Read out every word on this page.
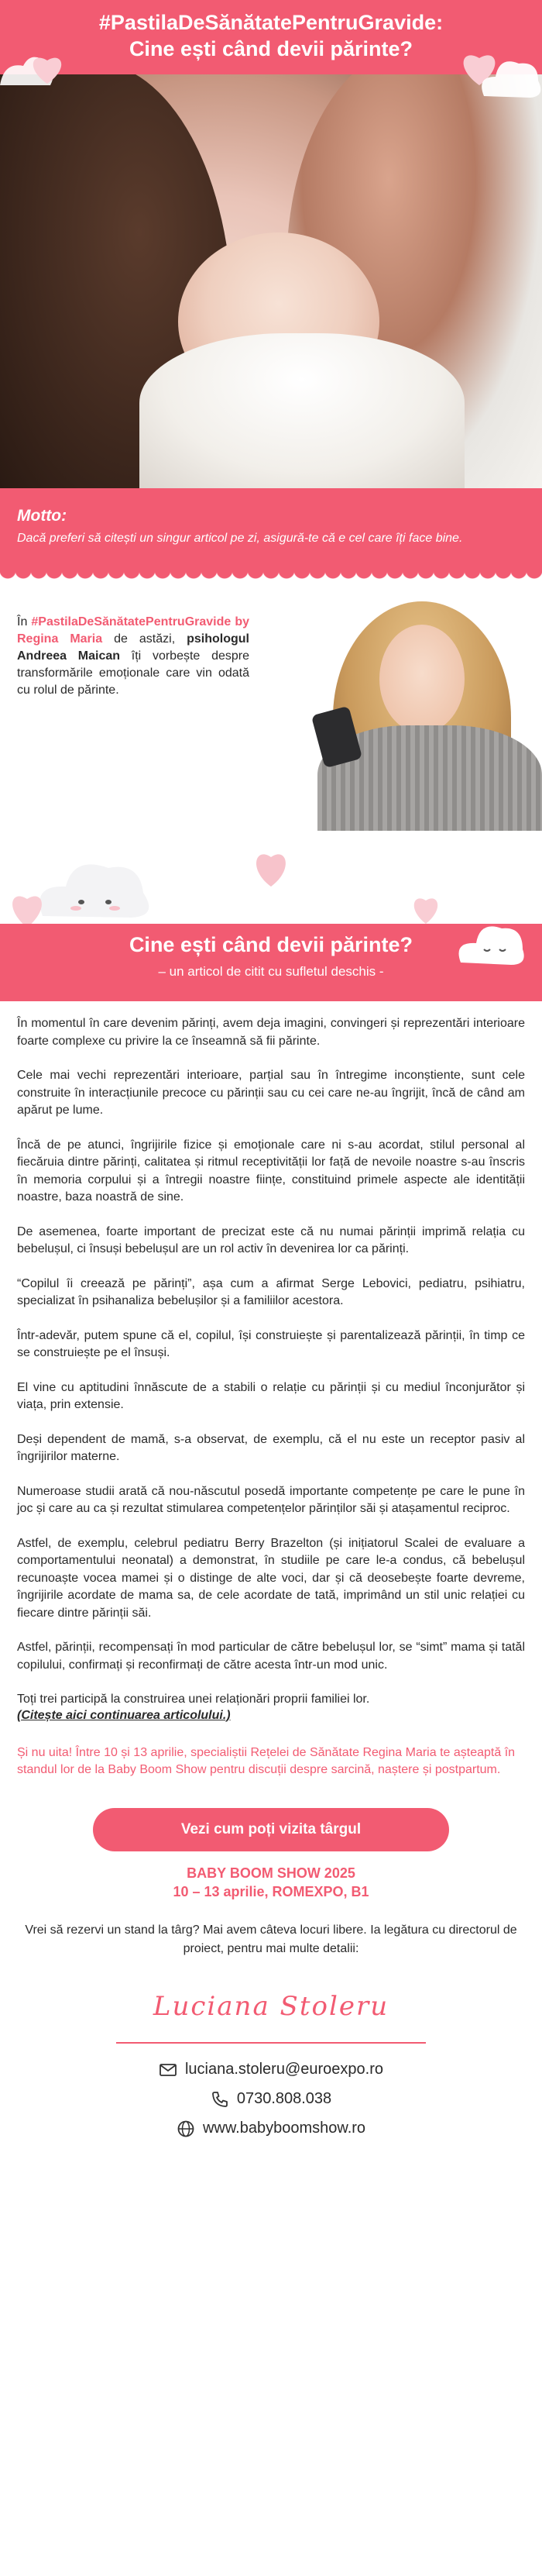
#PastilaDeSănătatePentruGravide:
Cine ești când devii părinte?
Motto:
Dacă preferi să citești un singur articol pe zi, asigură-te că e cel care îți face bine.
În #PastilaDeSănătatePentruGravide by Regina Maria de astăzi, psihologul Andreea Maican îți vorbește despre transformările emoționale care vin odată cu rolul de părinte.
Cine ești când devii părinte?
– un articol de citit cu sufletul deschis -

În momentul în care devenim părinți, avem deja imagini, convingeri și reprezentări interioare foarte complexe cu privire la ce înseamnă să fii părinte.

Cele mai vechi reprezentări interioare, parțial sau în întregime inconștiente, sunt cele construite în interacțiunile precoce cu părinții sau cu cei care ne-au îngrijit, încă de când am apărut pe lume.

Încă de pe atunci, îngrijirile fizice și emoționale care ni s-au acordat, stilul personal al fiecăruia dintre părinți, calitatea și ritmul receptivității lor față de nevoile noastre s-au înscris în memoria corpului și a întregii noastre ființe, constituind primele aspecte ale identității noastre, baza noastră de sine.

De asemenea, foarte important de precizat este că nu numai părinții imprimă relația cu bebelușul, ci însuși bebelușul are un rol activ în devenirea lor ca părinți.

“Copilul îi creează pe părinți”, așa cum a afirmat Serge Lebovici, pediatru, psihiatru, specializat în psihanaliza bebelușilor și a familiilor acestora.

Într-adevăr, putem spune că el, copilul, își construiește și parentalizează părinții, în timp ce se construiește pe el însuși.

El vine cu aptitudini înnăscute de a stabili o relație cu părinții și cu mediul înconjurător și viața, prin extensie.

Deși dependent de mamă, s-a observat, de exemplu, că el nu este un receptor pasiv al îngrijirilor materne.

Numeroase studii arată că nou-născutul posedă importante competențe pe care le pune în joc și care au ca și rezultat stimularea competențelor părinților săi și atașamentul reciproc.

Astfel, de exemplu, celebrul pediatru Berry Brazelton (și inițiatorul Scalei de evaluare a comportamentului neonatal) a demonstrat, în studiile pe care le-a condus, că bebelușul recunoaște vocea mamei și o distinge de alte voci, dar și că deosebește foarte devreme, îngrijirile acordate de mama sa, de cele acordate de tată, imprimând un stil unic relației cu fiecare dintre părinții săi.

Astfel, părinții, recompensați în mod particular de către bebelușul lor, se “simt” mama și tatăl copilului, confirmați și reconfirmați de către acesta într-un mod unic.

Toți trei participă la construirea unei relaționări proprii familiei lor.

(Citește aici continuarea articolului.)

Și nu uita! Între 10 și 13 aprilie, specialiștii Rețelei de Sănătate Regina Maria te așteaptă în standul lor de la Baby Boom Show pentru discuții despre sarcină, naștere și postpartum.

Vezi cum poți vizita târgul
BABY BOOM SHOW 2025
10 – 13 aprilie, ROMEXPO, B1
Vrei să rezervi un stand la târg? Mai avem câteva locuri libere. Ia legătura cu directorul de proiect, pentru mai multe detalii:
Luciana Stoleru
luciana.stoleru@euroexpo.ro
0730.808.038
www.babyboomshow.ro
